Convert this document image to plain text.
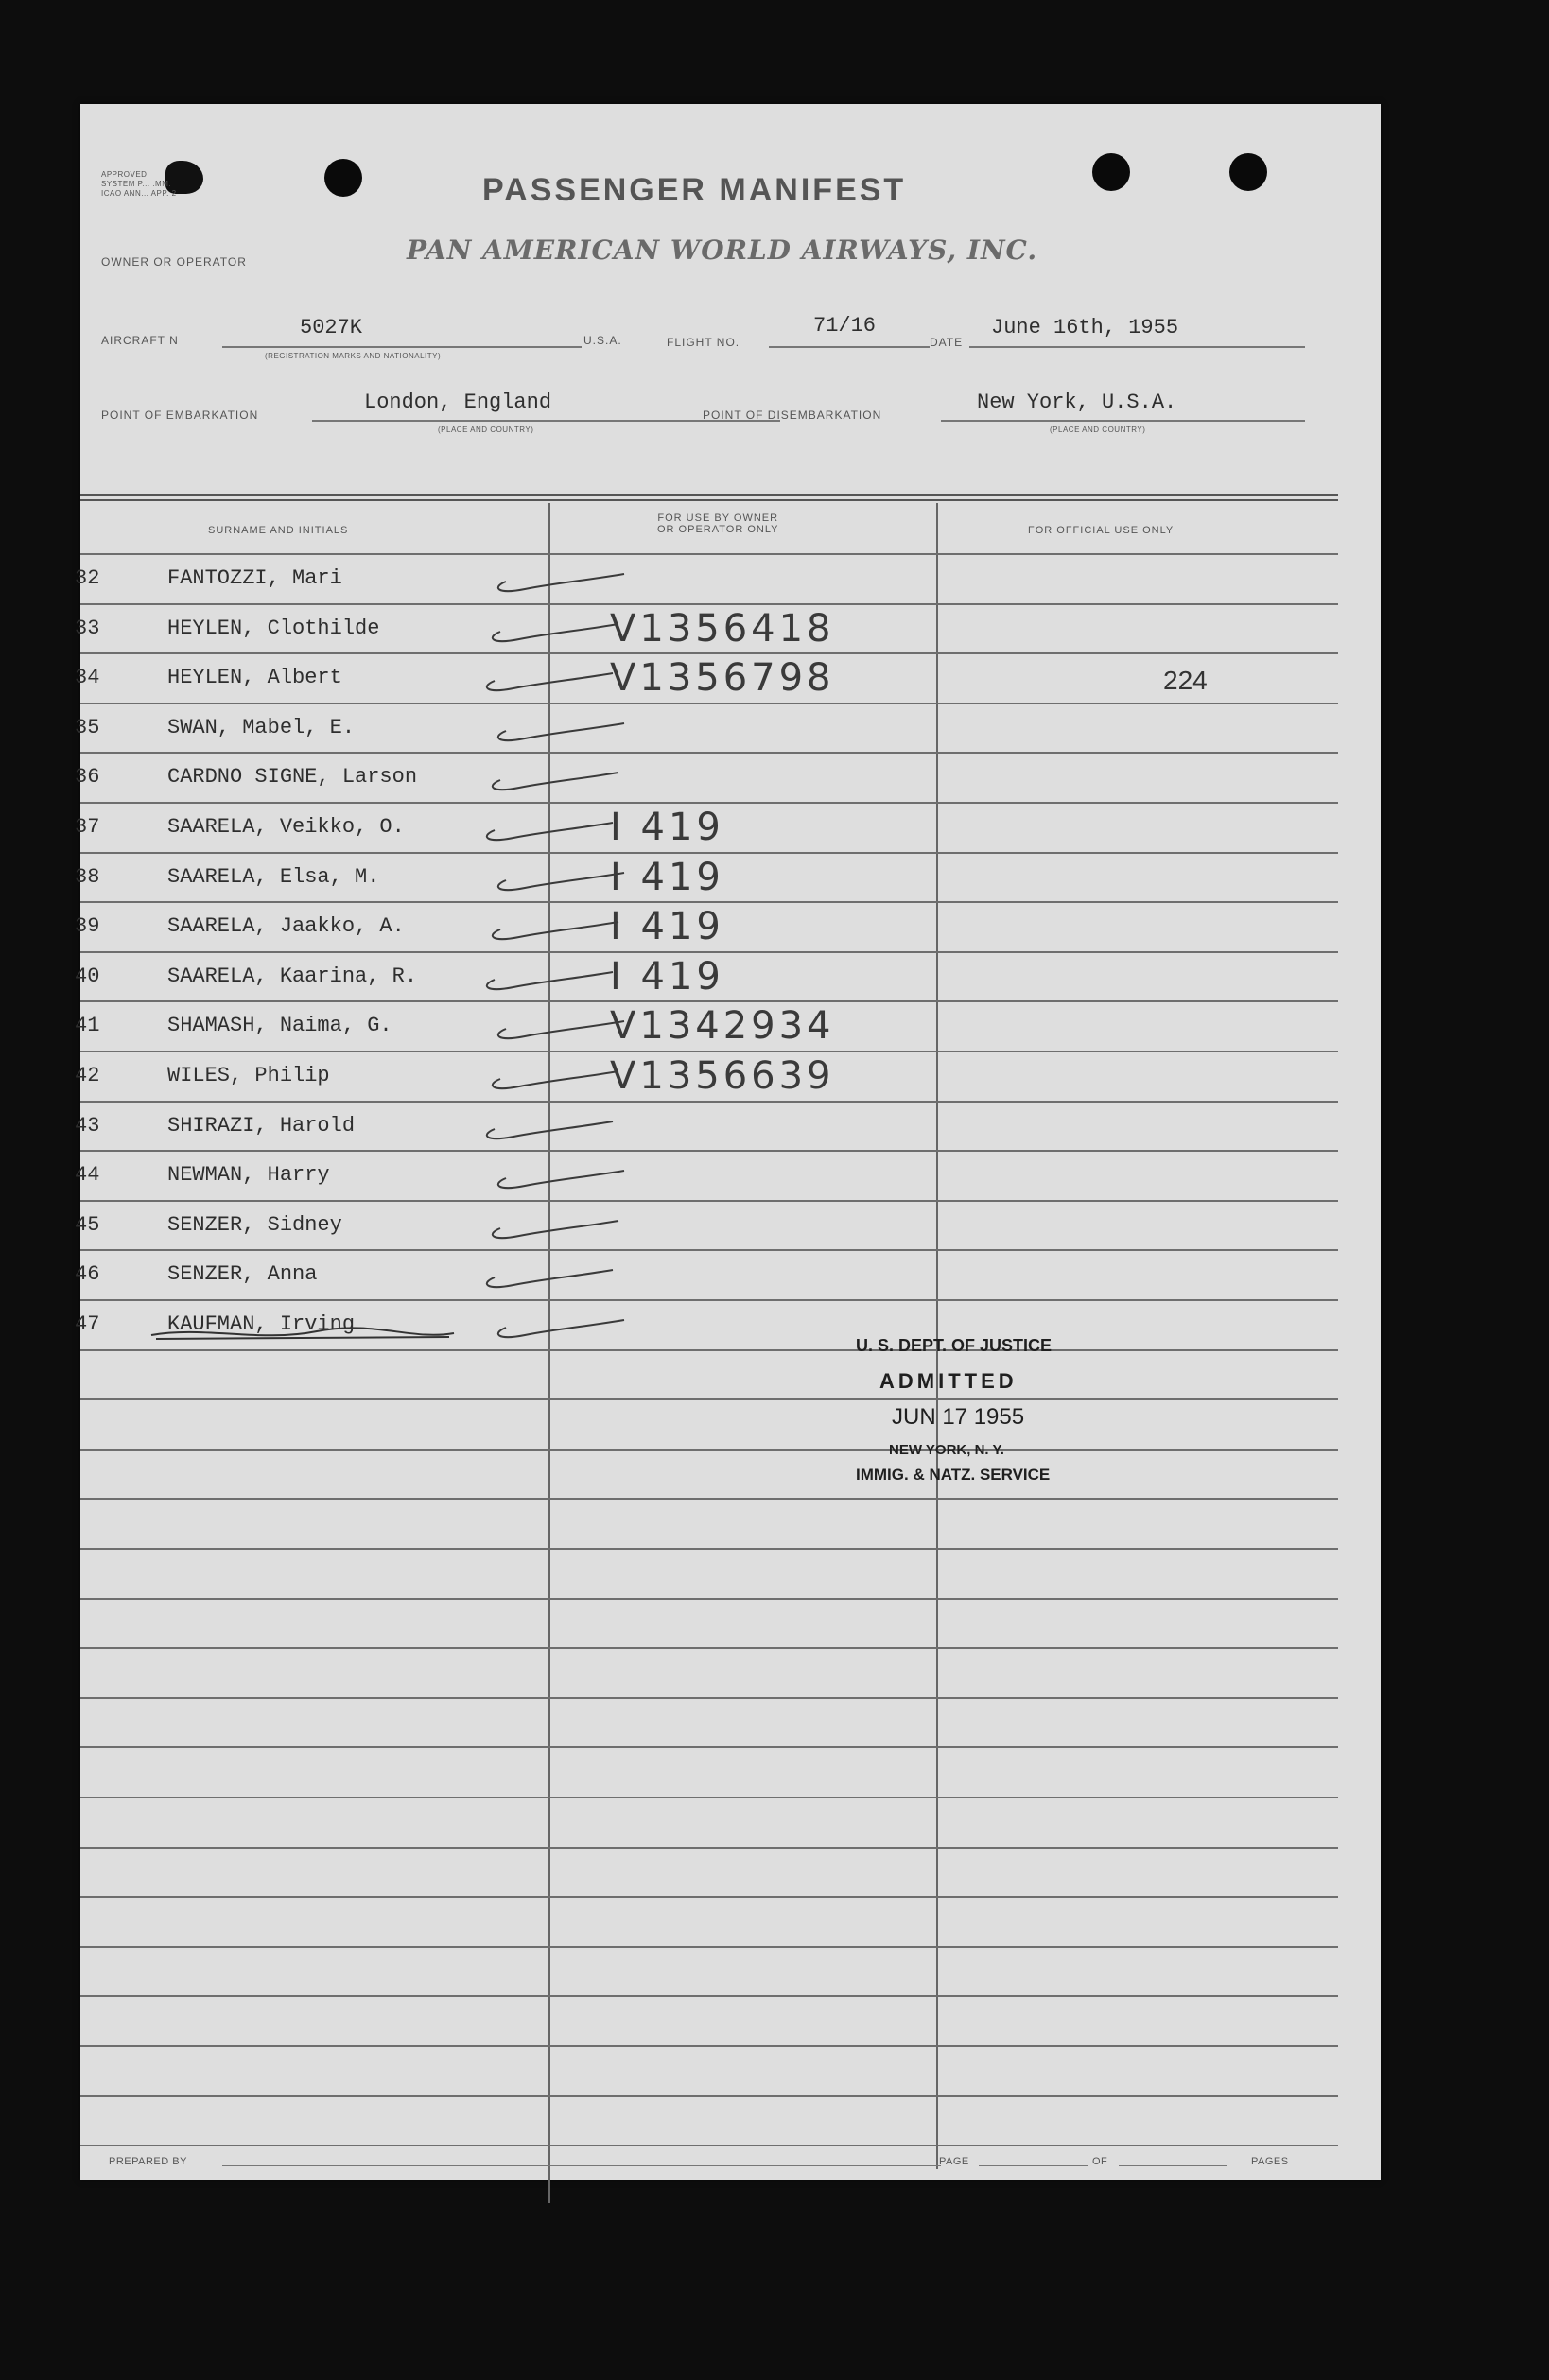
APPROVED
SYSTEM P... .MM.
ICAO ANN... APP. 2	PASSENGER MANIFEST
OWNER OR OPERATOR	PAN AMERICAN WORLD AIRWAYS, INC.
AIRCRAFT N
5027K
(REGISTRATION MARKS AND NATIONALITY)
U.S.A.	FLIGHT NO.
71/16
DATE
June 16th, 1955
POINT OF EMBARKATION
London, England
(PLACE AND COUNTRY)
POINT OF DISEMBARKATION
New York, U.S.A.
(PLACE AND COUNTRY)
SURNAME AND INITIALS
FOR USE BY OWNER
OR OPERATOR ONLY	FOR OFFICIAL USE ONLY
32	FANTOZZI, Mari
33	HEYLEN, Clothilde	V1356418
34	HEYLEN, Albert	V1356798	224
35	SWAN, Mabel, E.
36	CARDNO SIGNE, Larson
37	SAARELA, Veikko, O.	I 419
38	SAARELA, Elsa, M.	I 419
39	SAARELA, Jaakko, A.	I 419
40	SAARELA, Kaarina, R.	I 419
41	SHAMASH, Naima, G.	V1342934
42	WILES, Philip	V1356639
43	SHIRAZI, Harold
44	NEWMAN, Harry
45	SENZER, Sidney
46	SENZER, Anna
47	KAUFMAN, Irving
U. S. DEPT. OF JUSTICE
ADMITTED
JUN 17 1955
NEW YORK, N. Y.
IMMIG. & NATZ. SERVICE
PREPARED BY	PAGE	OF	PAGES
